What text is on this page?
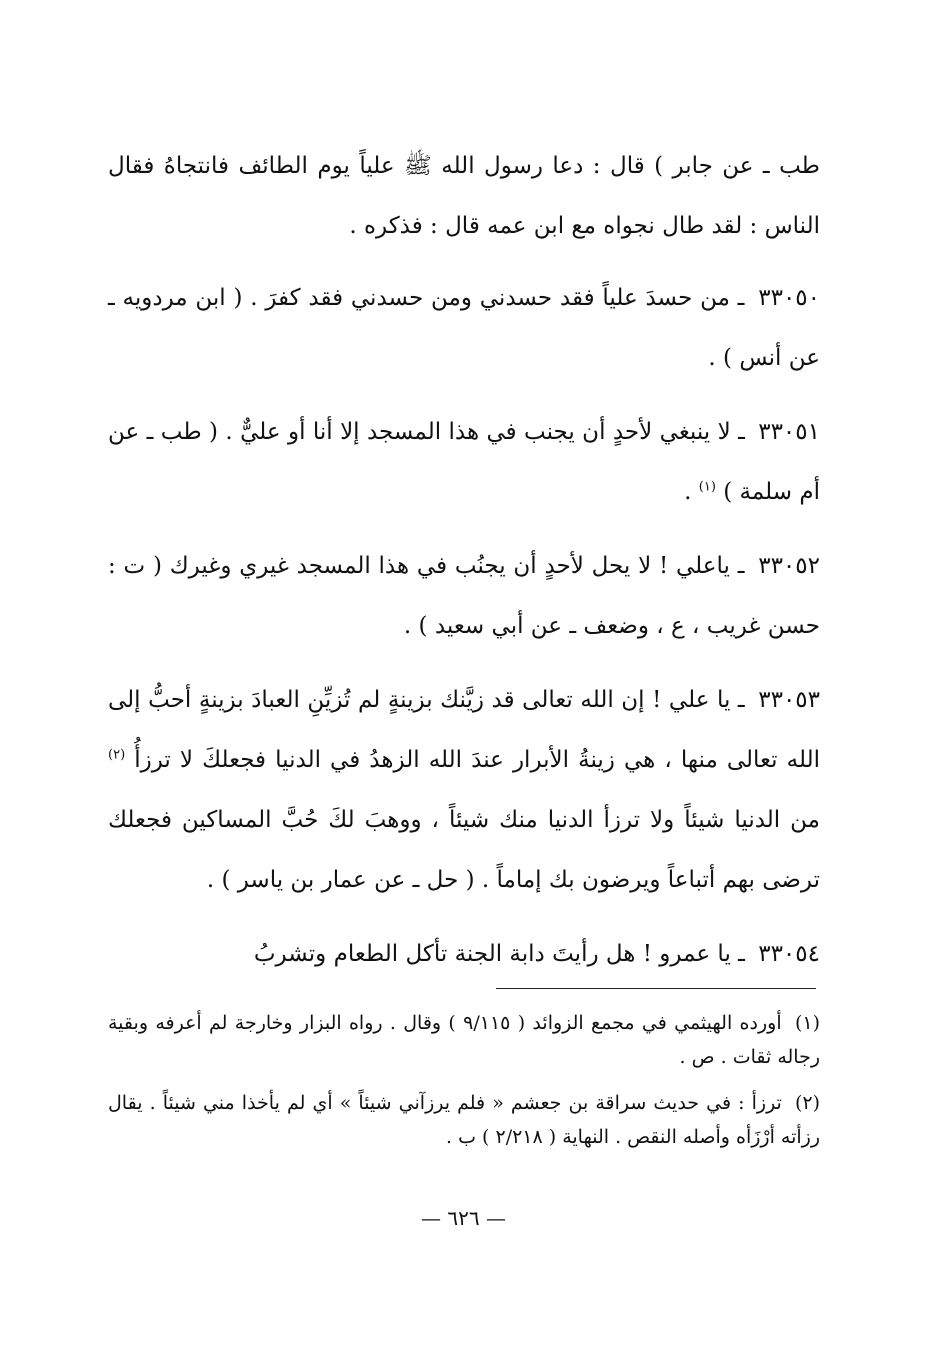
طب ـ عن جابر ) قال : دعا رسول الله ﷺ علياً يوم الطائف فانتجاهُ فقال الناس : لقد طال نجواه مع ابن عمه قال : فذكره .

٣٣٠٥٠ ـ من حسدَ علياً فقد حسدني ومن حسدني فقد كفرَ . ( ابن مردويه ـ عن أنس ) .

٣٣٠٥١ ـ لا ينبغي لأحدٍ أن يجنب في هذا المسجد إلا أنا أو عليٌّ . ( طب ـ عن أم سلمة ) $^{(١)}$ .

٣٣٠٥٢ ـ ياعلي ! لا يحل لأحدٍ أن يجنُب في هذا المسجد غيري وغيرك ( ت : حسن غريب ، ع ، وضعف ـ عن أبي سعيد ) .

٣٣٠٥٣ ـ يا علي ! إن الله تعالى قد زيَّنك بزينةٍ لم تُزيِّنِ العبادَ بزينةٍ أحبُّ إلى الله تعالى منها ، هي زينةُ الأبرار عندَ الله الزهدُ في الدنيا فجعلكَ لا ترزأُ $^{(٢)}$ من الدنيا شيئاً ولا ترزأ الدنيا منك شيئاً ، ووهبَ لكَ حُبَّ المساكين فجعلك ترضى بهم أتباعاً ويرضون بك إماماً . ( حل ـ عن عمار بن ياسر ) .

٣٣٠٥٤ ـ يا عمرو ! هل رأيتَ دابة الجنة تأكل الطعام وتشربُ

(١) أورده الهيثمي في مجمع الزوائد ( ٩/١١٥ ) وقال . رواه البزار وخارجة لم أعرفه وبقية رجاله ثقات . ص .

(٢) ترزأ : في حديث سراقة بن جعشم « فلم يرزآني شيئاً » أي لم يأخذا مني شيئاً . يقال رزأته أرْزَأه وأصله النقص . النهاية ( ٢/٢١٨ ) ب .

— ٦٢٦ —
